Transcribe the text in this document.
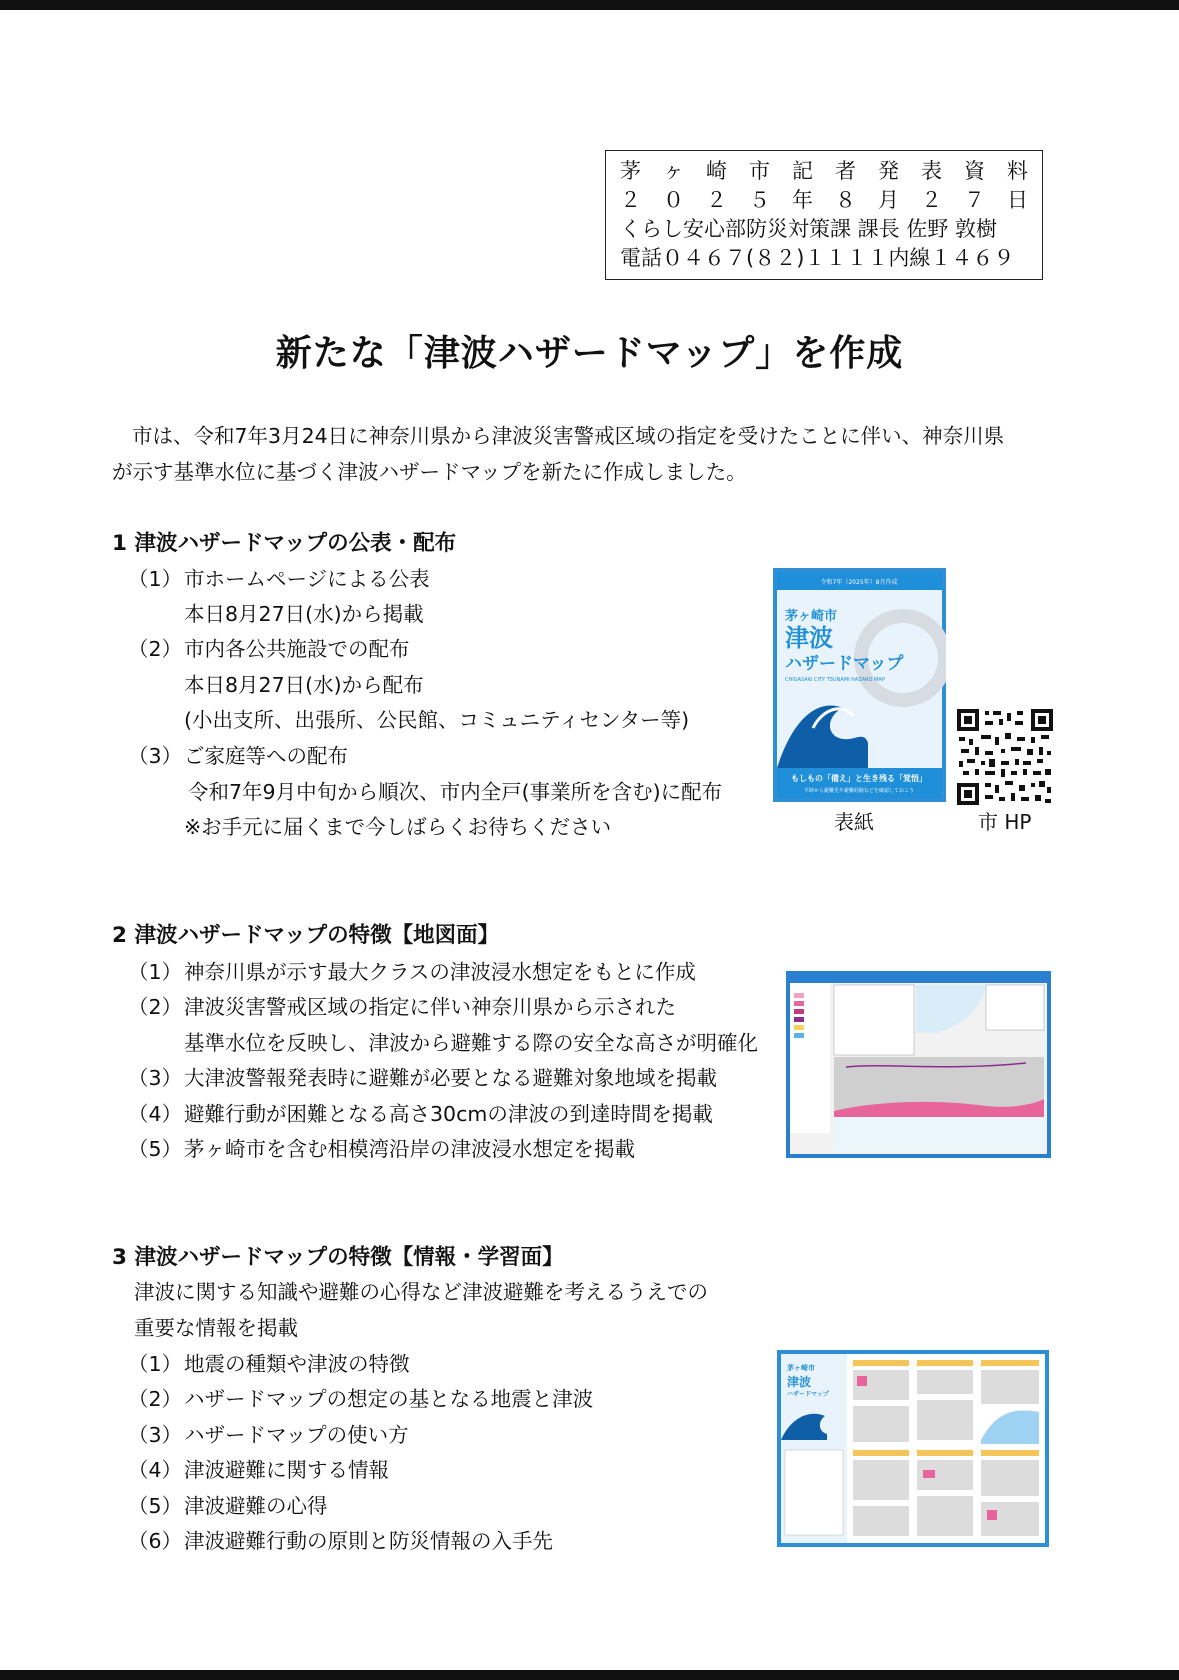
茅 ヶ 崎 市 記 者 発 表 資 料
２ ０ ２ ５ 年 ８ 月 ２ ７ 日
くらし安心部防災対策課 課長 佐野 敦樹
電話０４６７(８２)１１１１内線１４６９
新たな「津波ハザードマップ」を作成
市は、令和7年3月24日に神奈川県から津波災害警戒区域の指定を受けたことに伴い、神奈川県
が示す基準水位に基づく津波ハザードマップを新たに作成しました。
1 津波ハザードマップの公表・配布
（1）市ホームページによる公表
本日8月27日(水)から掲載
（2）市内各公共施設での配布
本日8月27日(水)から配布
(小出支所、出張所、公民館、コミュニティセンター等)
（3）ご家庭等への配布
令和7年9月中旬から順次、市内全戸(事業所を含む)に配布
※お手元に届くまで今しばらくお待ちください
令和7年（2025年）8月作成
茅ヶ崎市
津波
ハザードマップ
CHIGASAKI CITY TSUNAMI HAZARD MAP
もしもの「備え」と生き残る「覚悟」
平時から避難先や避難経路などを確認しておこう
表紙	市 HP
2 津波ハザードマップの特徴【地図面】
（1）神奈川県が示す最大クラスの津波浸水想定をもとに作成
（2）津波災害警戒区域の指定に伴い神奈川県から示された
基準水位を反映し、津波から避難する際の安全な高さが明確化
（3）大津波警報発表時に避難が必要となる避難対象地域を掲載
（4）避難行動が困難となる高さ30cmの津波の到達時間を掲載
（5）茅ヶ崎市を含む相模湾沿岸の津波浸水想定を掲載
3 津波ハザードマップの特徴【情報・学習面】
津波に関する知識や避難の心得など津波避難を考えるうえでの
重要な情報を掲載
（1）地震の種類や津波の特徴
（2）ハザードマップの想定の基となる地震と津波
（3）ハザードマップの使い方
（4）津波避難に関する情報
（5）津波避難の心得
（6）津波避難行動の原則と防災情報の入手先
茅ヶ崎市
津波
ハザードマップ
